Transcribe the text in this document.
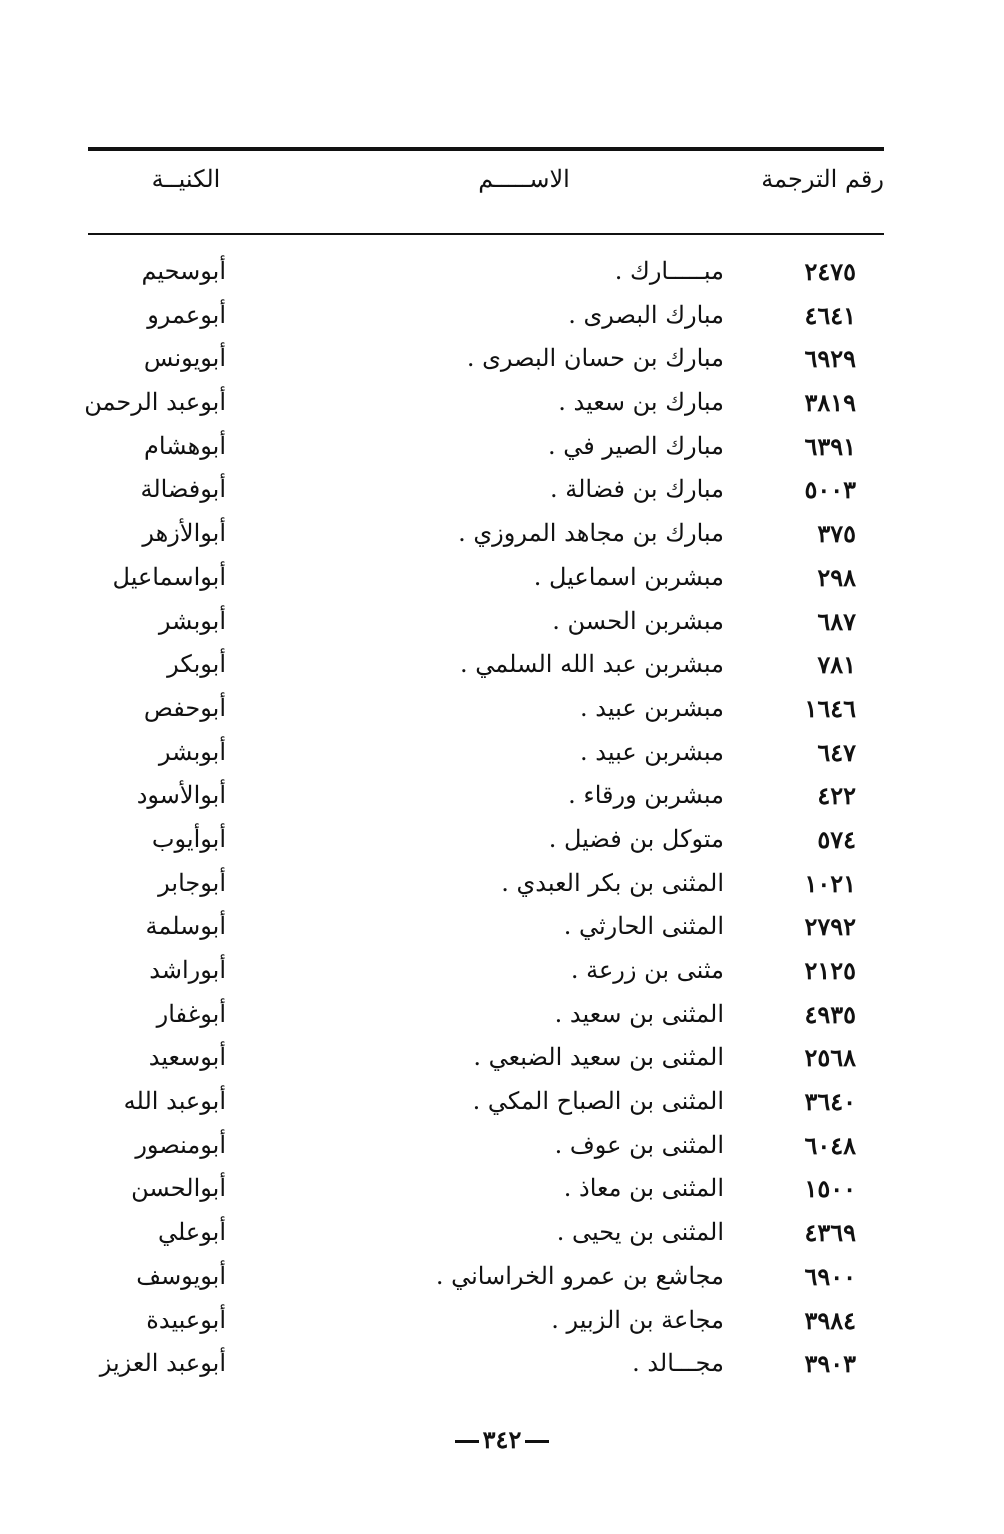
رقم الترجمة
الاســـــم
الكنيــة
٢٤٧٥
مبـــــارك .
أبوسحيم
٤٦٤١
مبارك البصرى .
أبوعمرو
٦٩٢٩
مبارك بن حسان البصرى .
أبويونس
٣٨١٩
مبارك بن سعيد .
أبوعبد الرحمن
٦٣٩١
مبارك الصير في .
أبوهشام
٥٠٠٣
مبارك بن فضالة .
أبوفضالة
٣٧٥
مبارك بن مجاهد المروزي .
أبوالأزهر
٢٩٨
مبشربن اسماعيل .
أبواسماعيل
٦٨٧
مبشربن الحسن .
أبوبشر
٧٨١
مبشربن عبد الله السلمي .
أبوبكر
١٦٤٦
مبشربن عبيد .
أبوحفص
٦٤٧
مبشربن عبيد .
أبوبشر
٤٢٢
مبشربن ورقاء .
أبوالأسود
٥٧٤
متوكل بن فضيل .
أبوأيوب
١٠٢١
المثنى بن بكر العبدي .
أبوجابر
٢٧٩٢
المثنى الحارثي .
أبوسلمة
٢١٢٥
مثنى بن زرعة .
أبوراشد
٤٩٣٥
المثنى بن سعيد .
أبوغفار
٢٥٦٨
المثنى بن سعيد الضبعي .
أبوسعيد
٣٦٤٠
المثنى بن الصباح المكي .
أبوعبد الله
٦٠٤٨
المثنى بن عوف .
أبومنصور
١٥٠٠
المثنى بن معاذ .
أبوالحسن
٤٣٦٩
المثنى بن يحيى .
أبوعلي
٦٩٠٠
مجاشع بن عمرو الخراساني .
أبويوسف
٣٩٨٤
مجاعة بن الزبير .
أبوعبيدة
٣٩٠٣
مجـــالد .
أبوعبد العزيز
٣٤٢
